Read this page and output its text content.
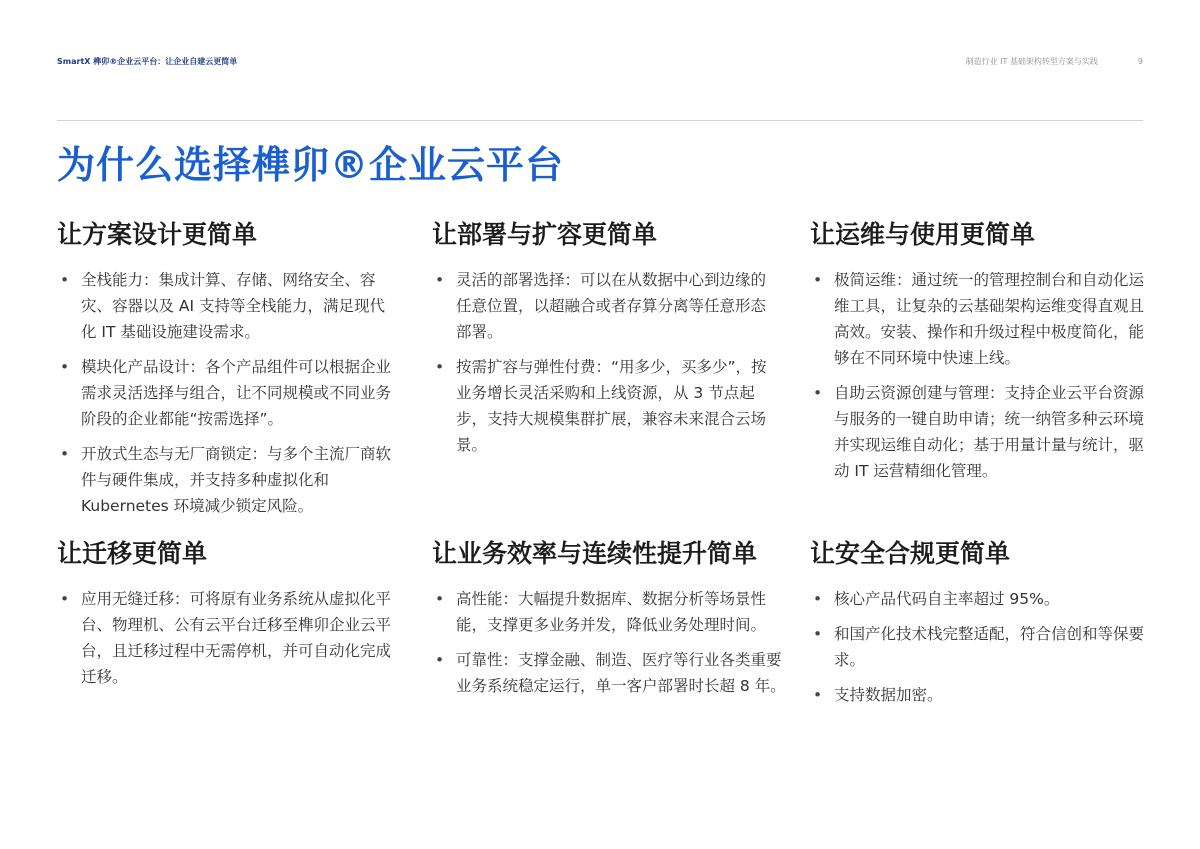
SmartX 榫卯®企业云平台：让企业自建云更简单	制造行业 IT 基础架构转型方案与实践	9
为什么选择榫卯®企业云平台
让方案设计更简单
• 全栈能力：集成计算、存储、网络安全、容灾、容器以及 AI 支持等全栈能力，满足现代化 IT 基础设施建设需求。
• 模块化产品设计：各个产品组件可以根据企业需求灵活选择与组合，让不同规模或不同业务阶段的企业都能“按需选择”。
• 开放式生态与无厂商锁定：与多个主流厂商软件与硬件集成，并支持多种虚拟化和 Kubernetes 环境减少锁定风险。
让部署与扩容更简单
• 灵活的部署选择：可以在从数据中心到边缘的任意位置，以超融合或者存算分离等任意形态部署。
• 按需扩容与弹性付费：“用多少，买多少”，按业务增长灵活采购和上线资源，从 3 节点起步，支持大规模集群扩展，兼容未来混合云场景。
让运维与使用更简单
• 极简运维：通过统一的管理控制台和自动化运维工具，让复杂的云基础架构运维变得直观且高效。安装、操作和升级过程中极度简化，能够在不同环境中快速上线。
• 自助云资源创建与管理：支持企业云平台资源与服务的一键自助申请；统一纳管多种云环境并实现运维自动化；基于用量计量与统计，驱动 IT 运营精细化管理。
让迁移更简单
• 应用无缝迁移：可将原有业务系统从虚拟化平台、物理机、公有云平台迁移至榫卯企业云平台，且迁移过程中无需停机，并可自动化完成迁移。
让业务效率与连续性提升简单
• 高性能：大幅提升数据库、数据分析等场景性能，支撑更多业务并发，降低业务处理时间。
• 可靠性：支撑金融、制造、医疗等行业各类重要业务系统稳定运行，单一客户部署时长超 8 年。
让安全合规更简单
• 核心产品代码自主率超过 95%。
• 和国产化技术栈完整适配，符合信创和等保要求。
• 支持数据加密。
